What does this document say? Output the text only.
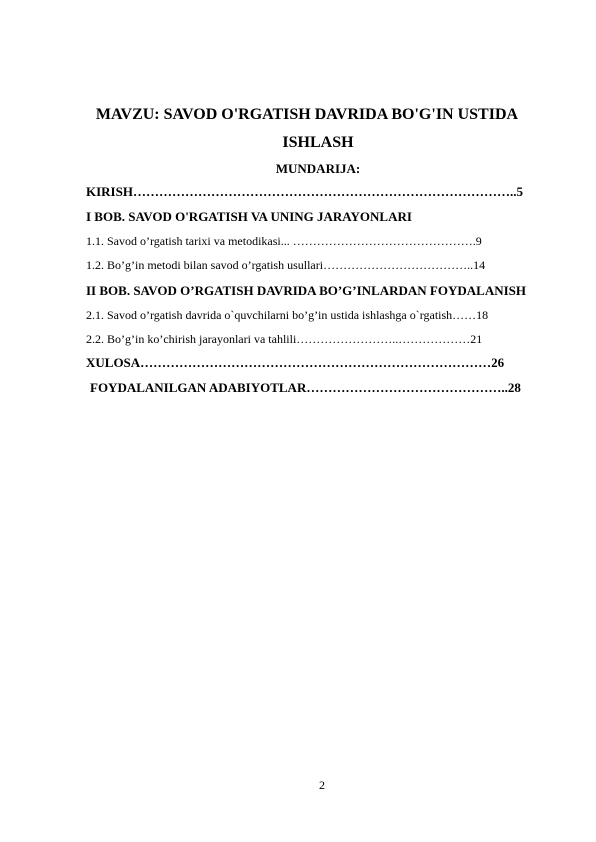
MAVZU: SAVOD O'RGATISH DAVRIDA BO'G'IN USTIDA
ISHLASH
MUNDARIJA:
KIRISH……………………………………………………………………………..5
I BOB. SAVOD O'RGATISH VA UNING JARAYONLARI
1.1. Savod o’rgatish tarixi va metodikasi... ……………………………………….9
1.2. Bo’g’in metodi bilan savod o’rgatish usullari………………………………..14
II BOB. SAVOD O’RGATISH DAVRIDA BO’G’INLARDAN FOYDALANISH
2.1. Savod o’rgatish davrida o`quvchilarni bo’g’in ustida ishlashga o`rgatish……18
2.2. Bo’g’in ko’chirish jarayonlari va tahlili……………………..………………21
XULOSA………………………………………………………………………26
FOYDALANILGAN ADABIYOTLAR………………………………………..28
2
